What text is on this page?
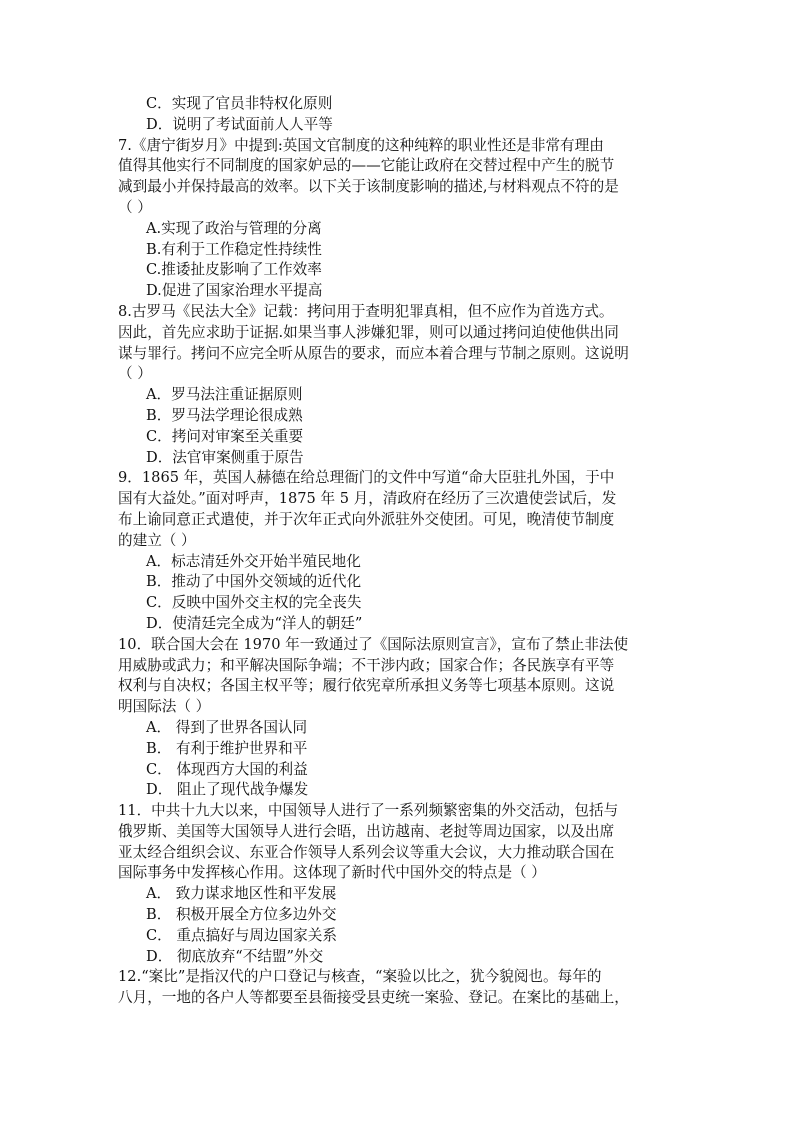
C．实现了官员非特权化原则
D．说明了考试面前人人平等
7.《唐宁街岁月》中提到:英国文官制度的这种纯粹的职业性还是非常有理由
值得其他实行不同制度的国家妒忌的——它能让政府在交替过程中产生的脱节
减到最小并保持最高的效率。以下关于该制度影响的描述,与材料观点不符的是
（ ）
A.实现了政治与管理的分离
B.有利于工作稳定性持续性
C.推诿扯皮影响了工作效率
D.促进了国家治理水平提高
8.古罗马《民法大全》记载：拷问用于查明犯罪真相，但不应作为首选方式。
因此，首先应求助于证据.如果当事人涉嫌犯罪，则可以通过拷问迫使他供出同
谋与罪行。拷问不应完全听从原告的要求，而应本着合理与节制之原则。这说明
（ ）
A．罗马法注重证据原则
B．罗马法学理论很成熟
C．拷问对审案至关重要
D．法官审案侧重于原告
9．1865 年，英国人赫德在给总理衙门的文件中写道“命大臣驻扎外国，于中
国有大益处。”面对呼声，1875 年 5 月，清政府在经历了三次遣使尝试后，发
布上谕同意正式遣使，并于次年正式向外派驻外交使团。可见，晚清使节制度
的建立（ ）
A．标志清廷外交开始半殖民地化
B．推动了中国外交领域的近代化
C．反映中国外交主权的完全丧失
D．使清廷完全成为“洋人的朝廷”
10．联合国大会在 1970 年一致通过了《国际法原则宣言》，宣布了禁止非法使
用威胁或武力；和平解决国际争端；不干涉内政；国家合作；各民族享有平等
权利与自决权；各国主权平等；履行依宪章所承担义务等七项基本原则。这说
明国际法（ ）
A． 得到了世界各国认同
B． 有利于维护世界和平
C． 体现西方大国的利益
D． 阻止了现代战争爆发
11．中共十九大以来，中国领导人进行了一系列频繁密集的外交活动，包括与
俄罗斯、美国等大国领导人进行会晤，出访越南、老挝等周边国家，以及出席
亚太经合组织会议、东亚合作领导人系列会议等重大会议，大力推动联合国在
国际事务中发挥核心作用。这体现了新时代中国外交的特点是（ ）
A． 致力谋求地区性和平发展
B． 积极开展全方位多边外交
C． 重点搞好与周边国家关系
D． 彻底放弃“不结盟”外交
12.“案比”是指汉代的户口登记与核查，“案验以比之，犹今貌阅也。每年的
八月，一地的各户人等都要至县衙接受县吏统一案验、登记。在案比的基础上，
